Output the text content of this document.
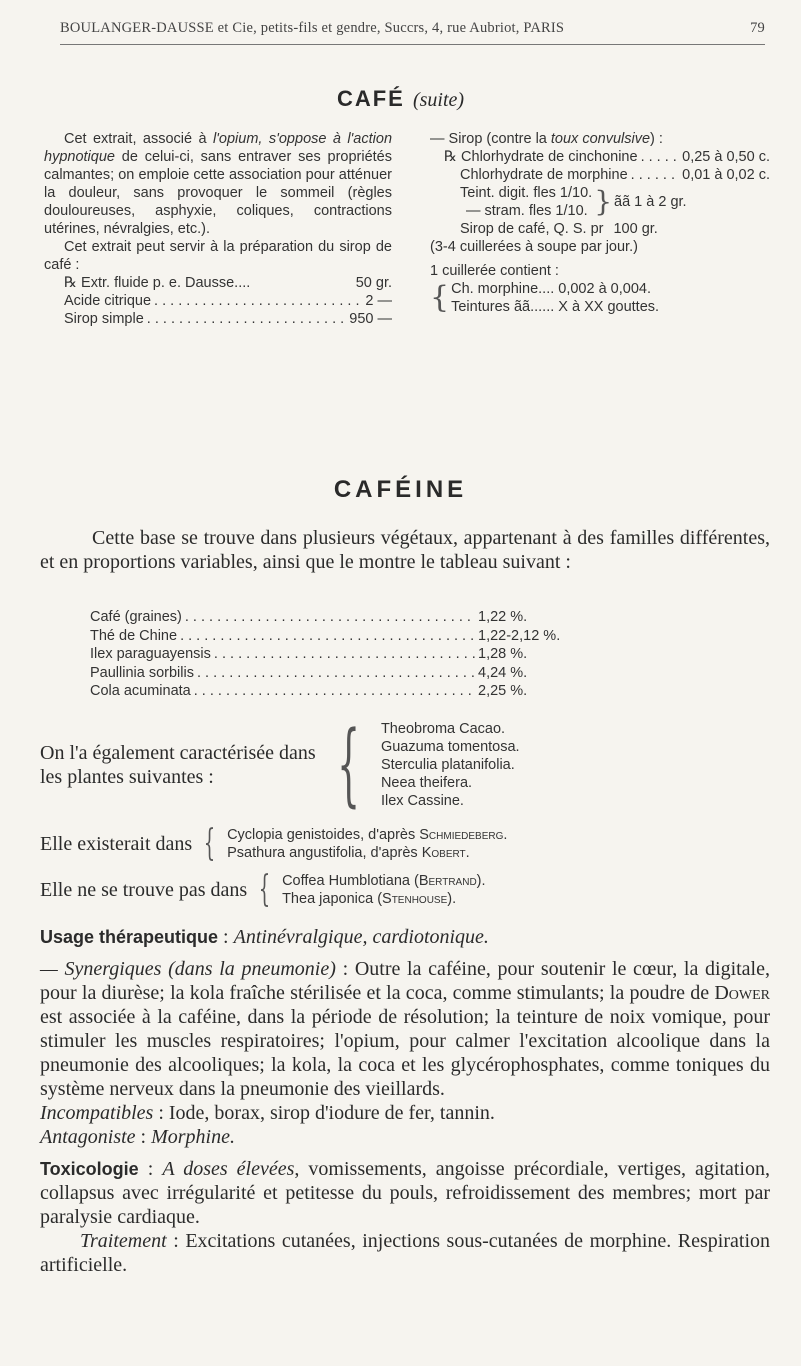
BOULANGER-DAUSSE et Cie, petits-fils et gendre, Succrs, 4, rue Aubriot, PARIS	79
CAFÉ (suite)

Cet extrait, associé à l'opium, s'oppose à l'action hypnotique de celui-ci, sans entraver ses propriétés calmantes; on emploie cette association pour atténuer la douleur, sans provoquer le sommeil (règles douloureuses, asphyxie, coliques, contractions utérines, névralgies, etc.).

Cet extrait peut servir à la préparation du sirop de café :

℞ Extr. fluide p. e. Dausse....	50 gr.
Acide citrique . . .	2 —
Sirop simple . . .	950 —

— Sirop (contre la toux convulsive) :

℞ Chlorhydrate de cinchonine . . .	0,25 à 0,50 c.
Chlorhydrate de morphine . . .	0,01 à 0,02 c.
Teint. digit. fles 1/10.
— stram. fles 1/10. } ãã 1 à 2 gr.
Sirop de café, Q. S. pr 100 gr.

(3-4 cuillerées à soupe par jour.)

1 cuillerée contient :

{ Ch. morphine.... 0,002 à 0,004.
Teintures ãã...... X à XX gouttes.
CAFÉINE

Cette base se trouve dans plusieurs végétaux, appartenant à des familles différentes, et en proportions variables, ainsi que le montre le tableau suivant :

Café (graines) . . .	1,22 %.
Thé de Chine . . .	1,22-2,12 %.
Ilex paraguayensis . . .	1,28 %.
Paullinia sorbilis . . .	4,24 %.
Cola acuminata . . .	2,25 %.
On l'a également caractérisée dans
les plantes suivantes :	{ Theobroma Cacao.
Guazuma tomentosa.
Sterculia platanifolia.
Neea theifera.
Ilex Cassine.
Elle existerait dans { Cyclopia genistoides, d'après Schmiedeberg.
Psathura angustifolia, d'après Kobert.
Elle ne se trouve pas dans { Coffea Humblotiana (Bertrand).
Thea japonica (Stenhouse).

Usage thérapeutique : Antinévralgique, cardiotonique.

— Synergiques (dans la pneumonie) : Outre la caféine, pour soutenir le cœur, la digitale, pour la diurèse; la kola fraîche stérilisée et la coca, comme stimulants; la poudre de Dower est associée à la caféine, dans la période de résolution; la teinture de noix vomique, pour stimuler les muscles respiratoires; l'opium, pour calmer l'excitation alcoolique dans la pneumonie des alcooliques; la kola, la coca et les glycérophosphates, comme toniques du système nerveux dans la pneumonie des vieillards.

Incompatibles : Iode, borax, sirop d'iodure de fer, tannin.

Antagoniste : Morphine.

Toxicologie : A doses élevées, vomissements, angoisse précordiale, vertiges, agitation, collapsus avec irrégularité et petitesse du pouls, refroidissement des membres; mort par paralysie cardiaque.

Traitement : Excitations cutanées, injections sous-cutanées de morphine. Respiration artificielle.
